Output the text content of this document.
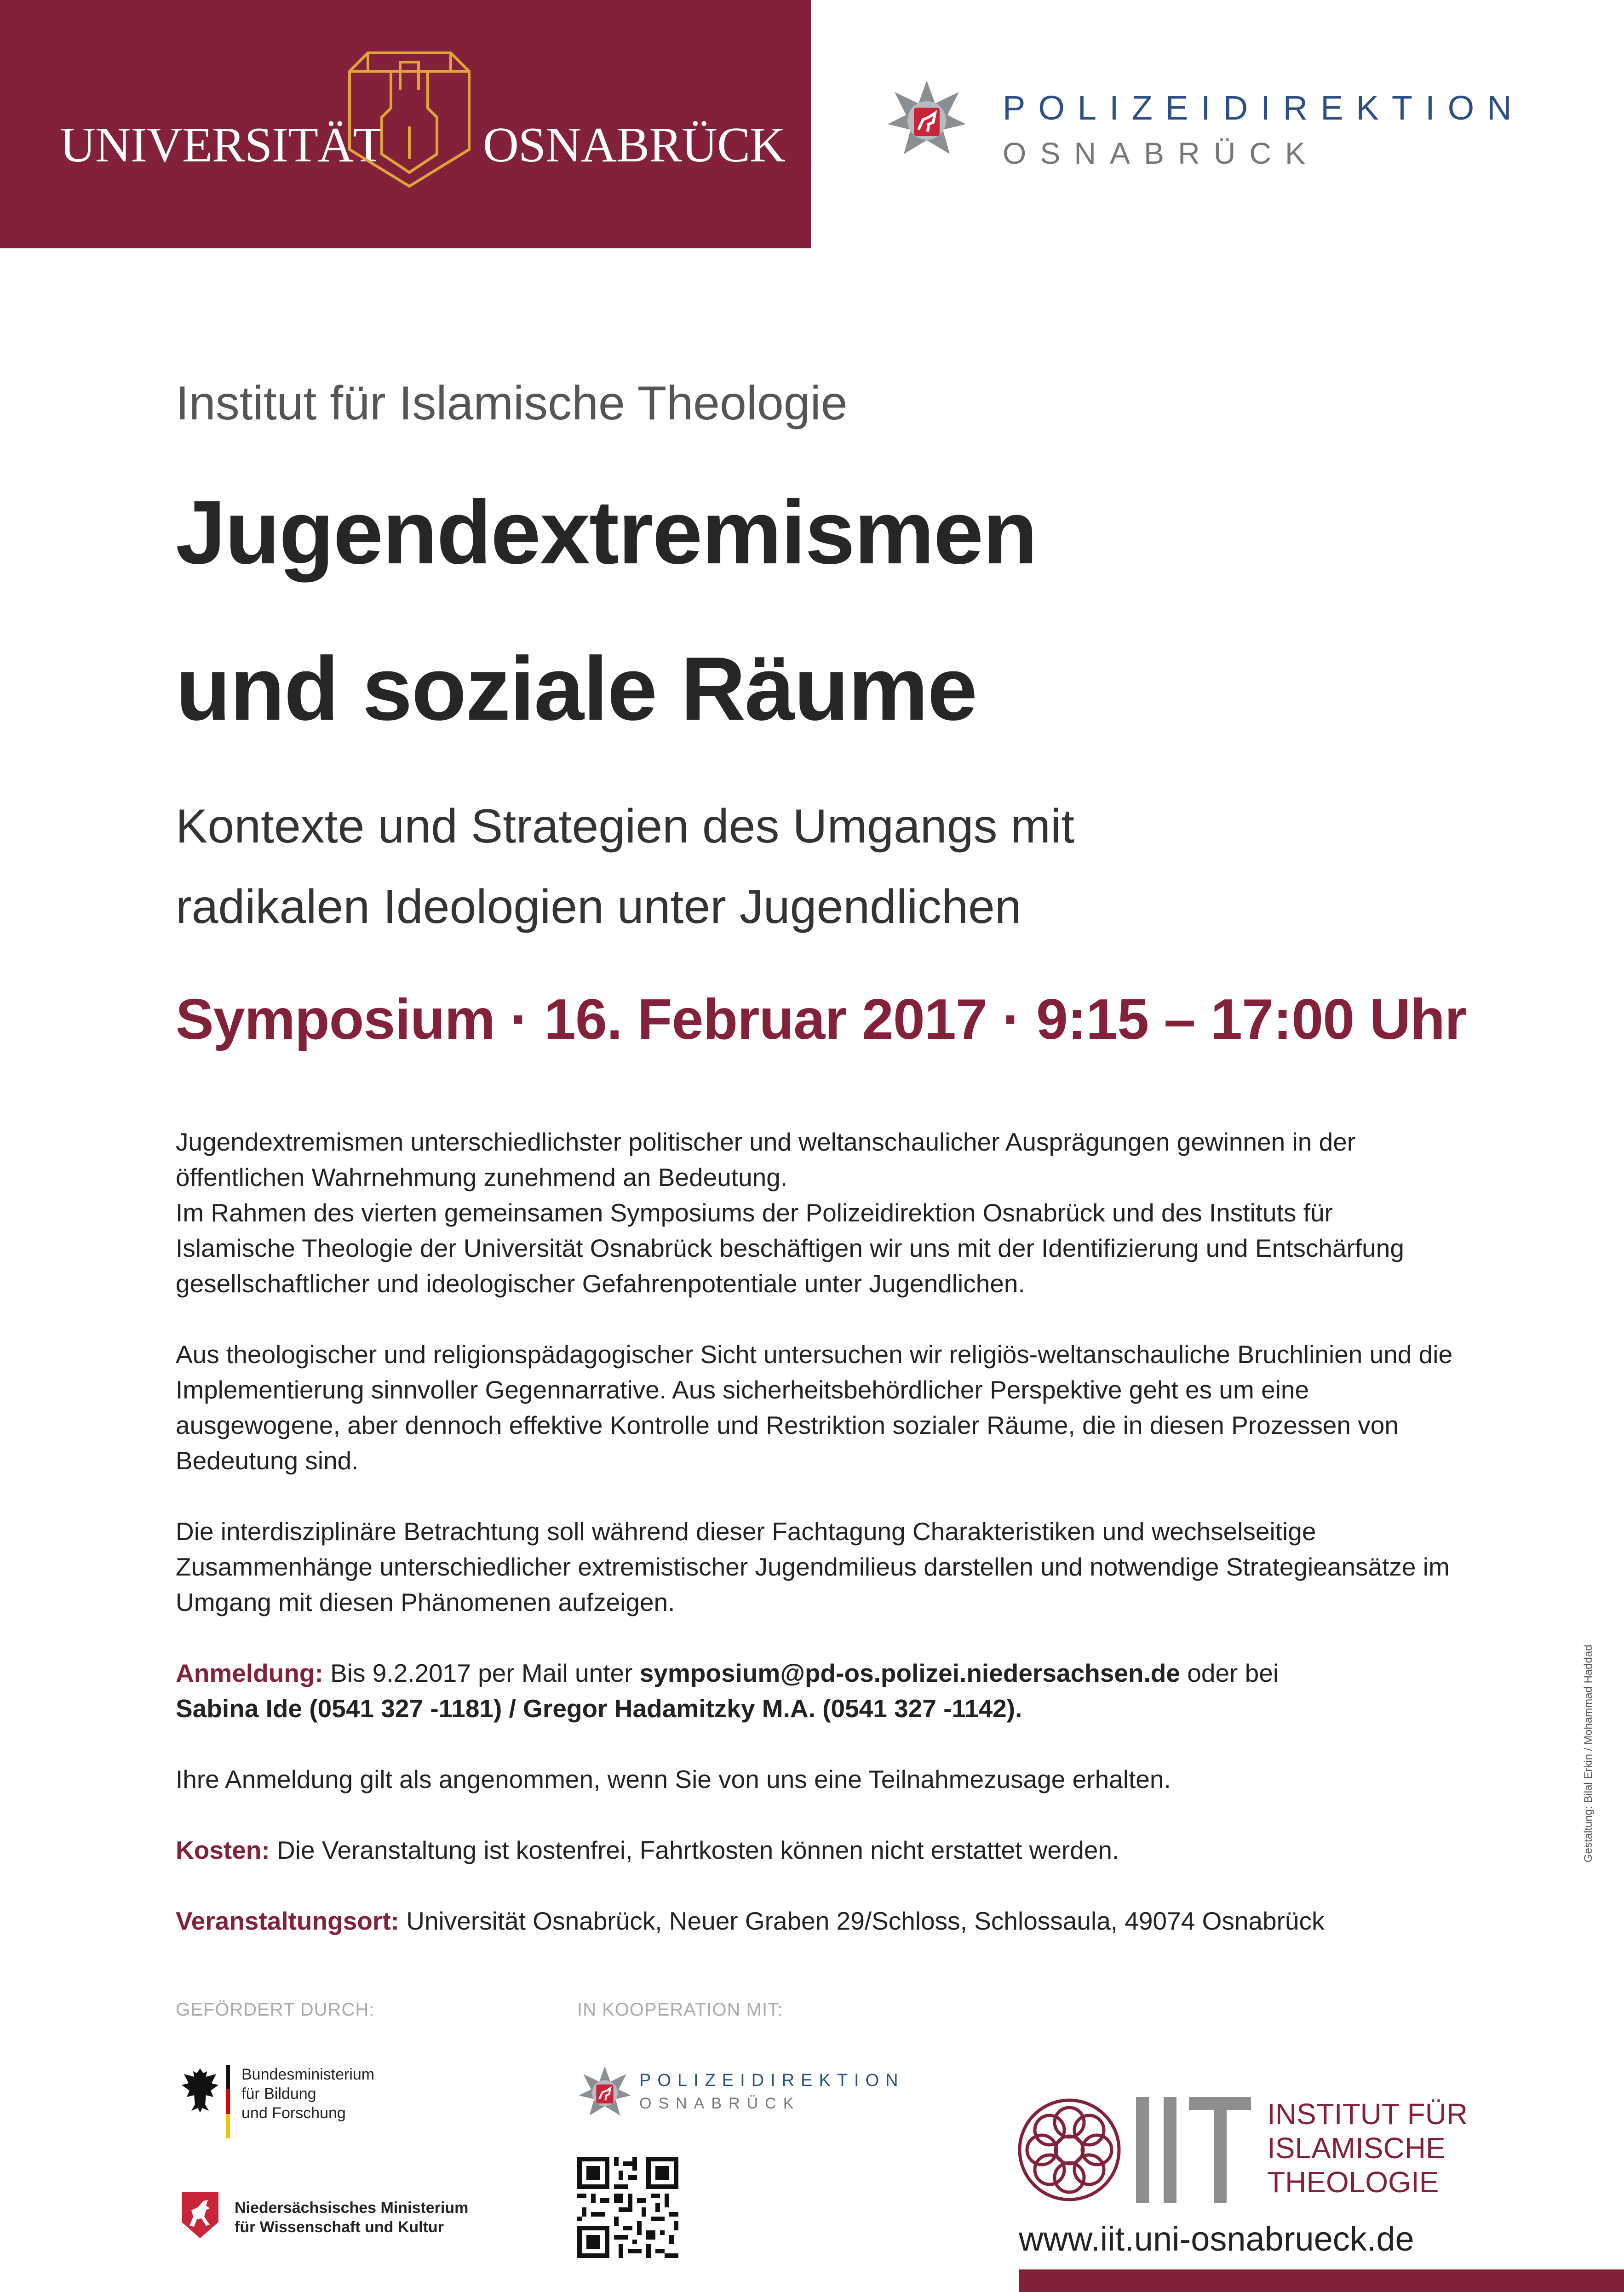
UNIVERSITÄT OSNABRÜCK
POLIZEIDIREKTION
OSNABRÜCK
Institut für Islamische Theologie
Jugendextremismen
und soziale Räume
Kontexte und Strategien des Umgangs mit
radikalen Ideologien unter Jugendlichen
Symposium · 16. Februar 2017 · 9:15 – 17:00 Uhr

Jugendextremismen unterschiedlichster politischer und weltanschaulicher Ausprägungen gewinnen in der öffentlichen Wahrnehmung zunehmend an Bedeutung.
Im Rahmen des vierten gemeinsamen Symposiums der Polizeidirektion Osnabrück und des Instituts für Islamische Theologie der Universität Osnabrück beschäftigen wir uns mit der Identifizierung und Entschärfung gesellschaftlicher und ideologischer Gefahrenpotentiale unter Jugendlichen.

Aus theologischer und religionspädagogischer Sicht untersuchen wir religiös-weltanschauliche Bruchlinien und die Implementierung sinnvoller Gegennarrative. Aus sicherheitsbehördlicher Perspektive geht es um eine ausgewogene, aber dennoch effektive Kontrolle und Restriktion sozialer Räume, die in diesen Prozessen von Bedeutung sind.

Die interdisziplinäre Betrachtung soll während dieser Fachtagung Charakteristiken und wechselseitige Zusammenhänge unterschiedlicher extremistischer Jugendmilieus darstellen und notwendige Strategieansätze im Umgang mit diesen Phänomenen aufzeigen.

Anmeldung: Bis 9.2.2017 per Mail unter symposium@pd-os.polizei.niedersachsen.de oder bei
Sabina Ide (0541 327 -1181) / Gregor Hadamitzky M.A. (0541 327 -1142).

Ihre Anmeldung gilt als angenommen, wenn Sie von uns eine Teilnahmezusage erhalten.

Kosten: Die Veranstaltung ist kostenfrei, Fahrtkosten können nicht erstattet werden.

Veranstaltungsort: Universität Osnabrück, Neuer Graben 29/Schloss, Schlossaula, 49074 Osnabrück

Gestaltung: Bilal Erkin / Mohammad Haddad
GEFÖRDERT DURCH:	IN KOOPERATION MIT:
Bundesministerium
für Bildung
und Forschung
Niedersächsisches Ministerium
für Wissenschaft und Kultur
POLIZEIDIREKTION
OSNABRÜCK	INSTITUT FÜR
ISLAMISCHE
THEOLOGIE
www.iit.uni-osnabrueck.de
